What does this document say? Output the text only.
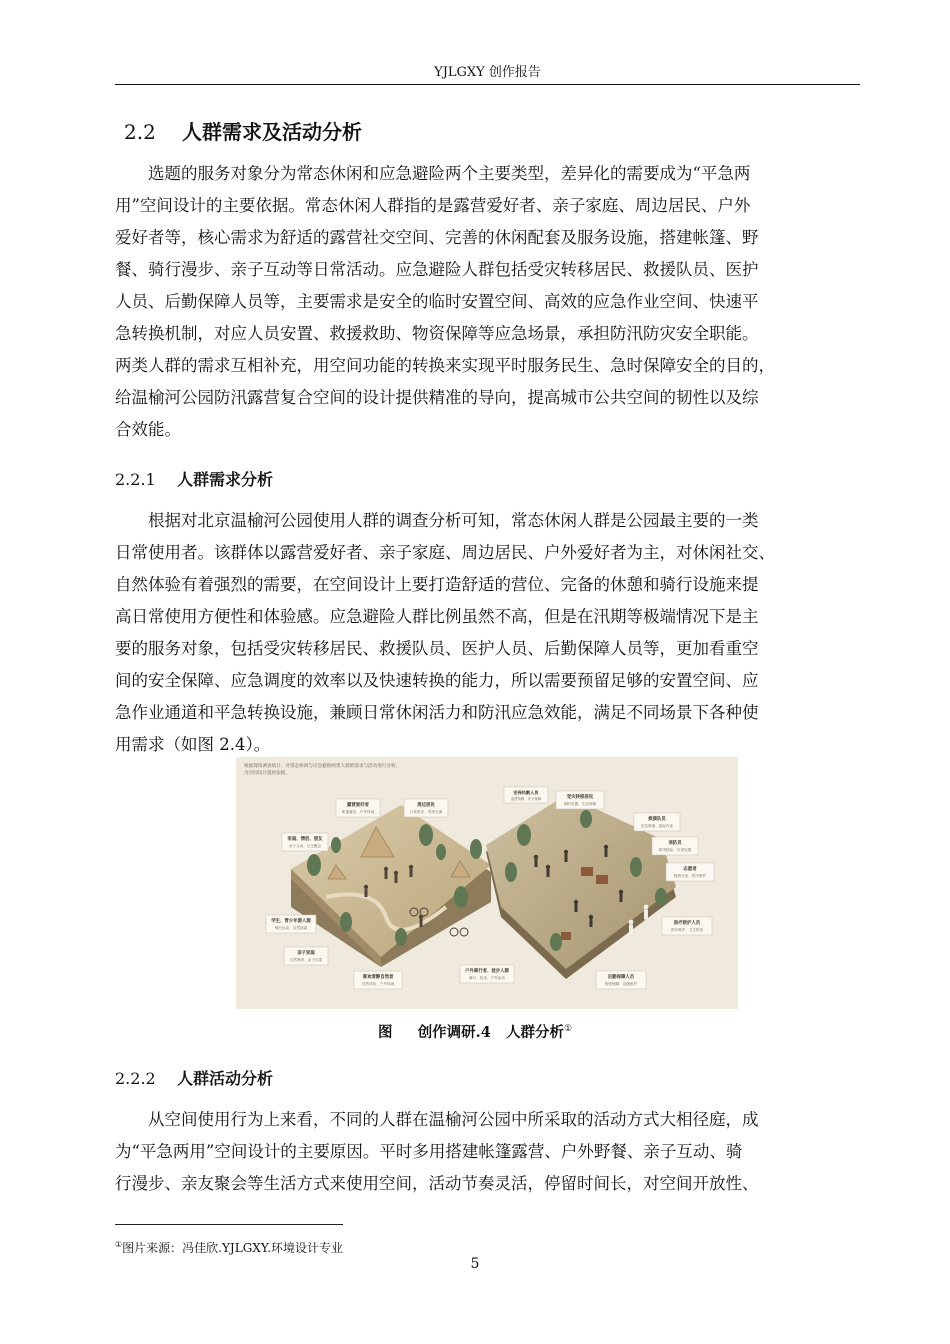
YJLGXY 创作报告
2.2 人群需求及活动分析
　　选题的服务对象分为常态休闲和应急避险两个主要类型，差异化的需要成为“平急两
用”空间设计的主要依据。常态休闲人群指的是露营爱好者、亲子家庭、周边居民、户外
爱好者等，核心需求为舒适的露营社交空间、完善的休闲配套及服务设施，搭建帐篷、野
餐、骑行漫步、亲子互动等日常活动。应急避险人群包括受灾转移居民、救援队员、医护
人员、后勤保障人员等，主要需求是安全的临时安置空间、高效的应急作业空间、快速平
急转换机制，对应人员安置、救援救助、物资保障等应急场景，承担防汛防灾安全职能。
两类人群的需求互相补充，用空间功能的转换来实现平时服务民生、急时保障安全的目的，
给温榆河公园防汛露营复合空间的设计提供精准的导向，提高城市公共空间的韧性以及综
合效能。
2.2.1 人群需求分析
　　根据对北京温榆河公园使用人群的调查分析可知，常态休闲人群是公园最主要的一类
日常使用者。该群体以露营爱好者、亲子家庭、周边居民、户外爱好者为主，对休闲社交、
自然体验有着强烈的需要，在空间设计上要打造舒适的营位、完备的休憩和骑行设施来提
高日常使用方便性和体验感。应急避险人群比例虽然不高，但是在汛期等极端情况下是主
要的服务对象，包括受灾转移居民、救援队员、医护人员、后勤保障人员等，更加看重空
间的安全保障、应急调度的效率以及快速转换的能力，所以需要预留足够的安置空间、应
急作业通道和平急转换设施，兼顾日常休闲活力和防汛应急效能，满足不同场景下各种使
用需求（如图 2.4）。
根据现场调查统计，对常态休闲与应急避险两类人群的需求与活动进行分析，
为空间设计提供依据。
露营爱好者
帐篷露营、户外休闲
周边居民
日常散步、邻里交流
家庭、情侣、朋友
亲子互动、社交聚会
学生、青少年游人群
骑行运动、自然探索
亲子家庭
自然教育、亲子玩耍
喜欢清静自然者
自然体验、户外休闲
户外骑行者、徒步人群
骑行、徒步、户外运动
受灾转移居民
临时安置、生活保障
救援队员
应急救援、抢险作业
消防员
防汛抢险、灾害处置
志愿者
物资分发、秩序维护
医疗救护人员
医疗救护、卫生防疫
后勤保障人员
物资保障、设施维护
安保执勤人员
巡逻执勤、安全保障
图 创作调研.4 人群分析①
2.2.2 人群活动分析
　　从空间使用行为上来看，不同的人群在温榆河公园中所采取的活动方式大相径庭，成
为“平急两用”空间设计的主要原因。平时多用搭建帐篷露营、户外野餐、亲子互动、骑
行漫步、亲友聚会等生活方式来使用空间，活动节奏灵活，停留时间长，对空间开放性、
①图片来源：冯佳欣.YJLGXY.环境设计专业
5
